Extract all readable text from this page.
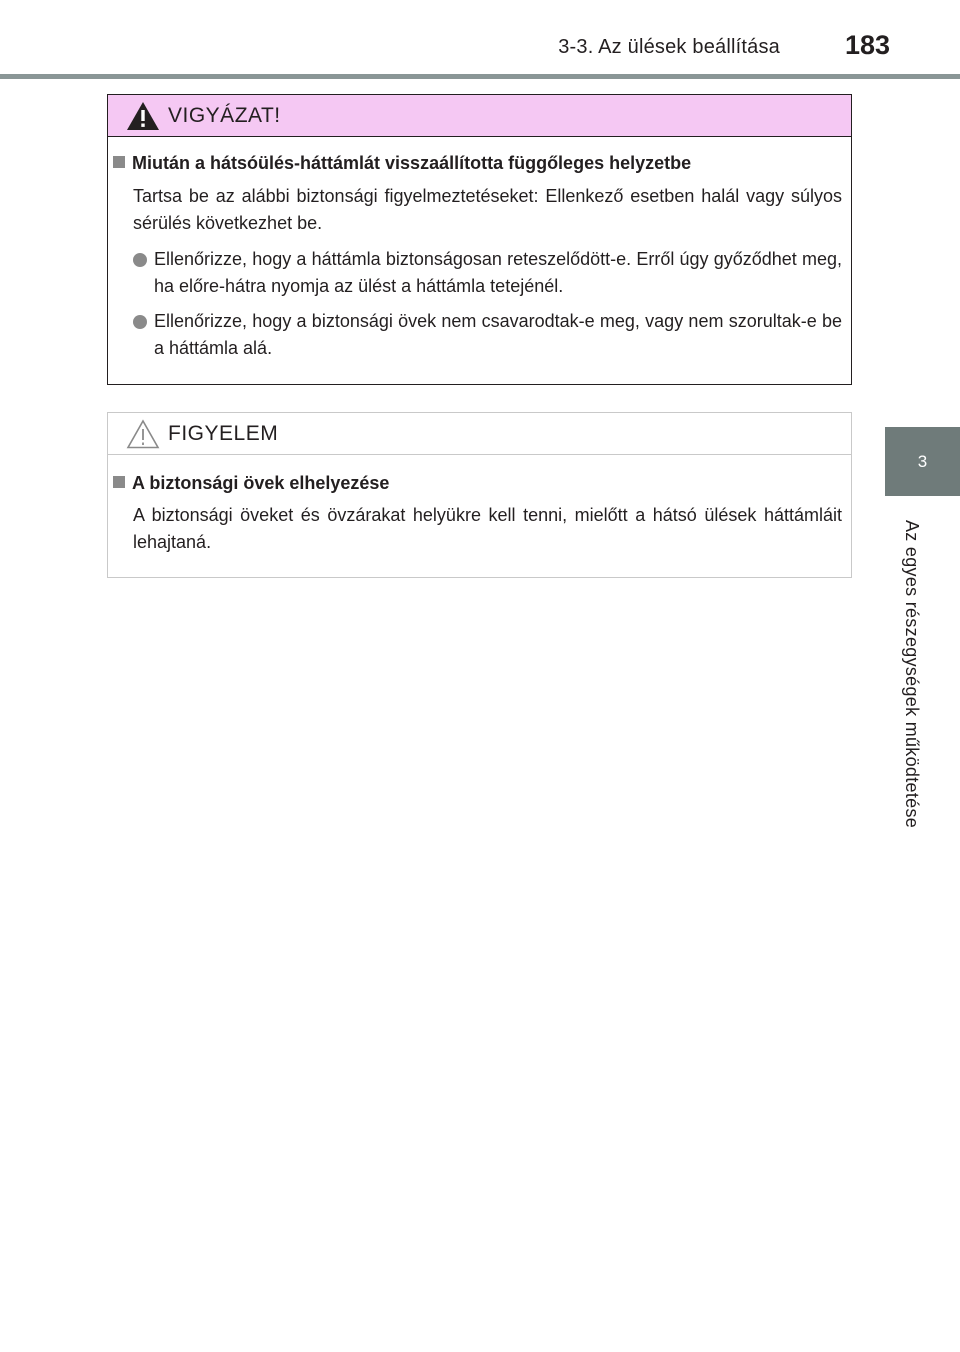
3-3. Az ülések beállítása	183
3
Az egyes részegységek működtetése
VIGYÁZAT!
Miután a hátsóülés-háttámlát visszaállította függőleges helyzetbe
Tartsa be az alábbi biztonsági figyelmeztetéseket: Ellenkező esetben halál vagy súlyos sérülés következhet be.
Ellenőrizze, hogy a háttámla biztonságosan reteszelődött-e. Erről úgy győződhet meg, ha előre-hátra nyomja az ülést a háttámla tetejénél.
Ellenőrizze, hogy a biztonsági övek nem csavarodtak-e meg, vagy nem szorultak-e be a háttámla alá.
FIGYELEM
A biztonsági övek elhelyezése
A biztonsági öveket és övzárakat helyükre kell tenni, mielőtt a hátsó ülések háttámláit lehajtaná.
